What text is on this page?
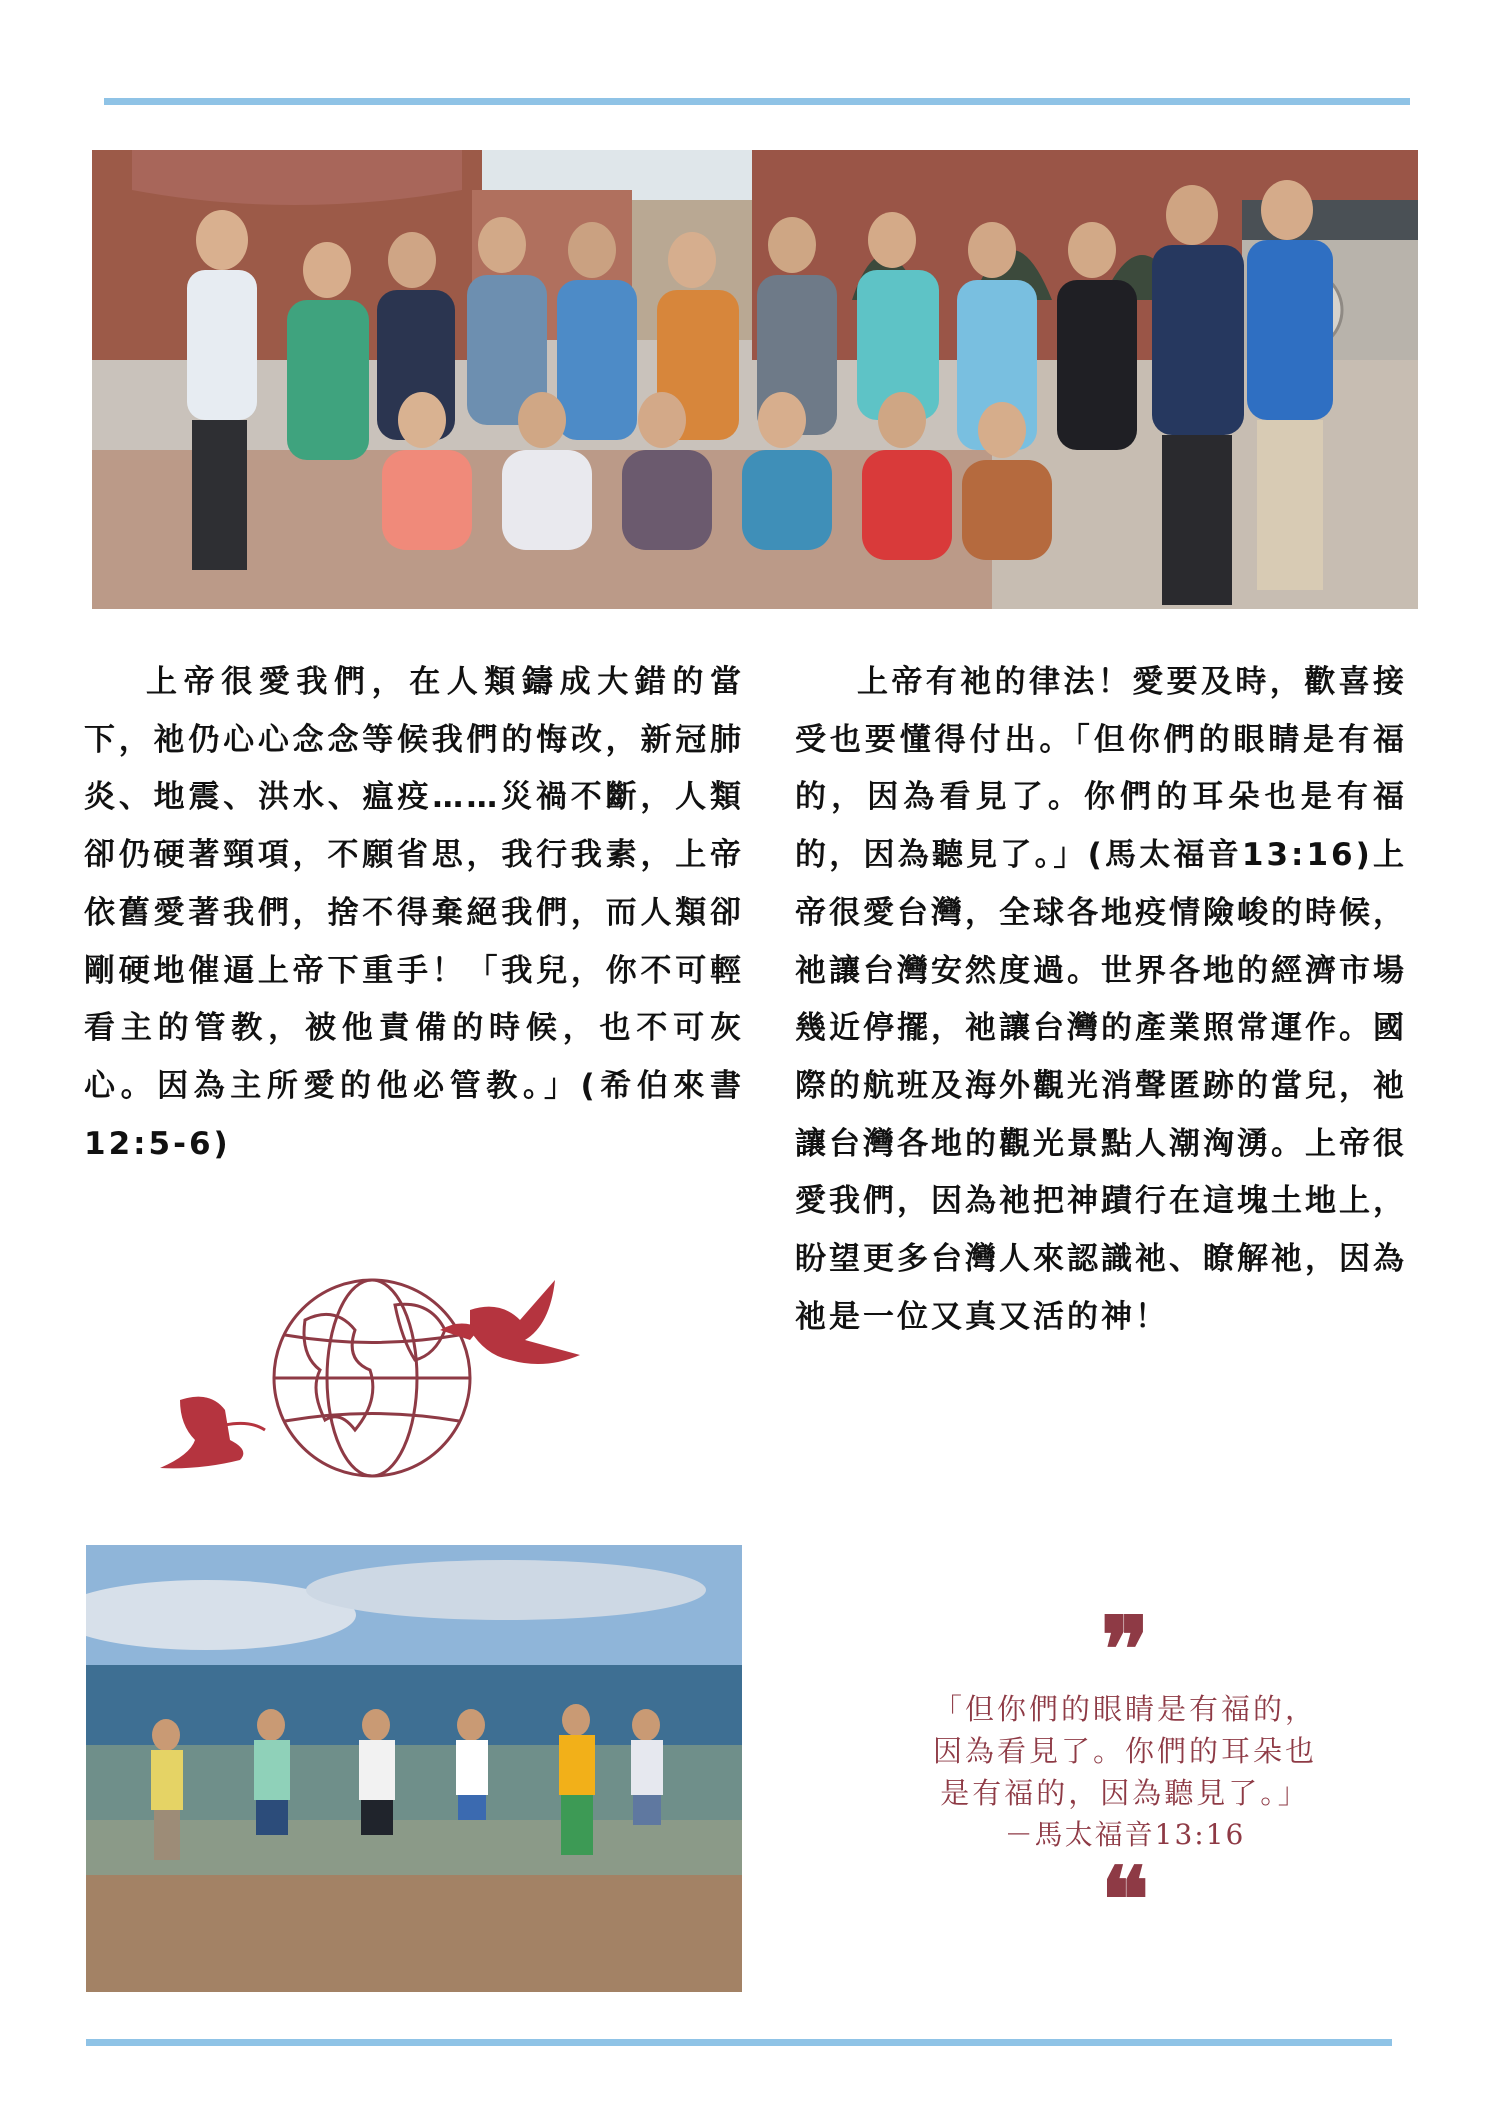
上帝很愛我們，在人類鑄成大錯的當下，祂仍心心念念等候我們的悔改，新冠肺炎、地震、洪水、瘟疫……災禍不斷，人類卻仍硬著頸項，不願省思，我行我素，上帝依舊愛著我們，捨不得棄絕我們，而人類卻剛硬地催逼上帝下重手！「我兒，你不可輕看主的管教，被他責備的時候，也不可灰心。因為主所愛的他必管教。」(希伯來書12:5-6)

上帝有祂的律法！愛要及時，歡喜接受也要懂得付出。「但你們的眼睛是有福的，因為看見了。你們的耳朵也是有福的，因為聽見了。」(馬太福音13:16)上帝很愛台灣，全球各地疫情險峻的時候，祂讓台灣安然度過。世界各地的經濟市場幾近停擺，祂讓台灣的產業照常運作。國際的航班及海外觀光消聲匿跡的當兒，祂讓台灣各地的觀光景點人潮洶湧。上帝很愛我們，因為祂把神蹟行在這塊土地上，盼望更多台灣人來認識祂、瞭解祂，因為祂是一位又真又活的神！

❞
「但你們的眼睛是有福的，
因為看見了。你們的耳朵也
是有福的，因為聽見了。」
－馬太福音13:16
❝
